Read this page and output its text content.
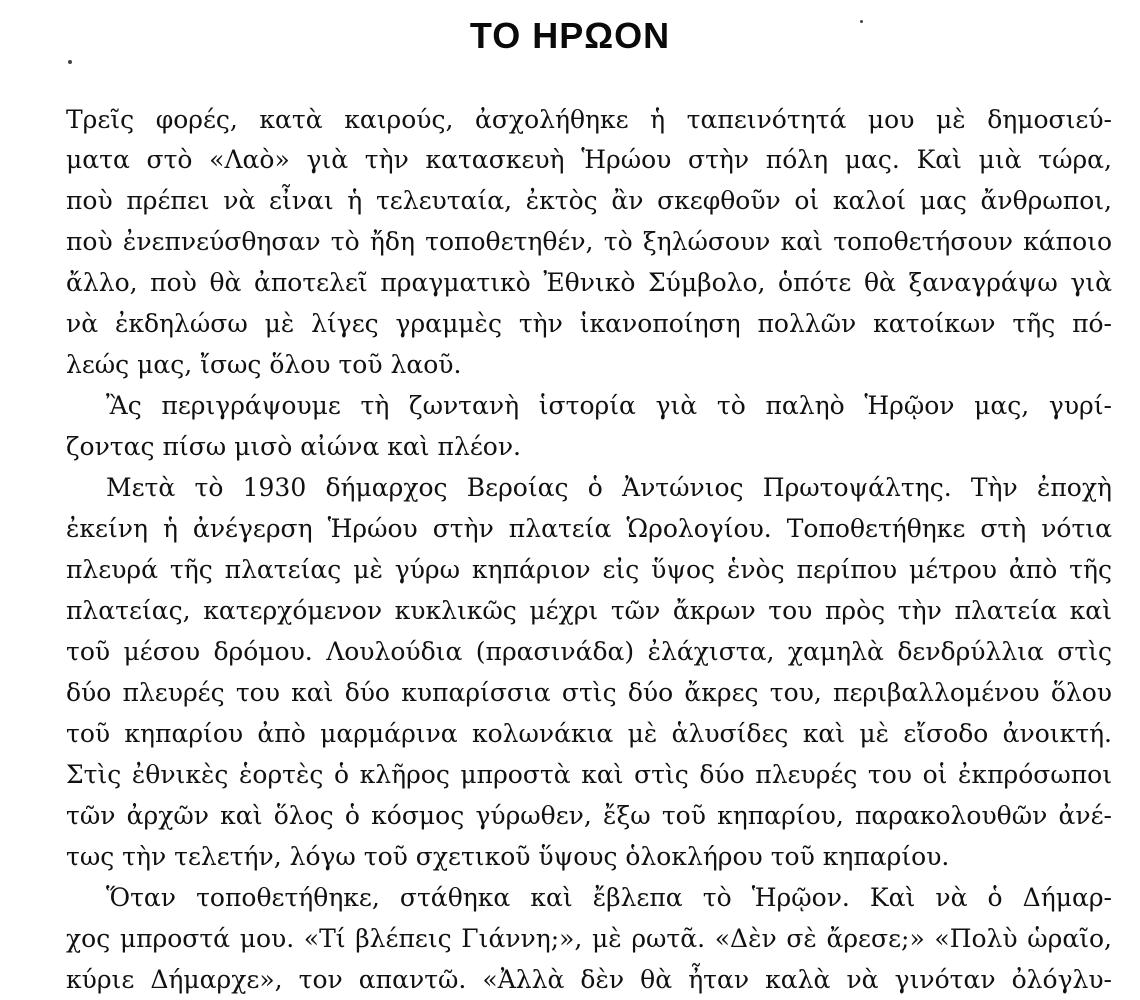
ΤΟ ΗΡΩΟΝ
Τρεῖς φορές, κατὰ καιρούς, ἀσχολήθηκε ἡ ταπεινότητά μου μὲ δημοσιεύ-
ματα στὸ «Λαὸ» γιὰ τὴν κατασκευὴ Ἡρώου στὴν πόλη μας. Καὶ μιὰ τώρα,
ποὺ πρέπει νὰ εἶναι ἡ τελευταία, ἐκτὸς ἂν σκεφθοῦν οἱ καλοί μας ἄνθρωποι,
ποὺ ἐνεπνεύσθησαν τὸ ἤδη τοποθετηθέν, τὸ ξηλώσουν καὶ τοποθετήσουν κάποιο
ἄλλο, ποὺ θὰ ἀποτελεῖ πραγματικὸ Ἐθνικὸ Σύμβολο, ὁπότε θὰ ξαναγράψω γιὰ
νὰ ἐκδηλώσω μὲ λίγες γραμμὲς τὴν ἱκανοποίηση πολλῶν κατοίκων τῆς πό-
λεώς μας, ἴσως ὅλου τοῦ λαοῦ.
Ἂς περιγράψουμε τὴ ζωντανὴ ἱστορία γιὰ τὸ παληὸ Ἡρῷον μας, γυρί-
ζοντας πίσω μισὸ αἰώνα καὶ πλέον.
Μετὰ τὸ 1930 δήμαρχος Βεροίας ὁ Ἀντώνιος Πρωτοψάλτης. Τὴν ἐποχὴ
ἐκείνη ἡ ἀνέγερση Ἡρώου στὴν πλατεία Ὡρολογίου. Τοποθετήθηκε στὴ νότια
πλευρά τῆς πλατείας μὲ γύρω κηπάριον εἰς ὕψος ἑνὸς περίπου μέτρου ἀπὸ τῆς
πλατείας, κατερχόμενον κυκλικῶς μέχρι τῶν ἄκρων του πρὸς τὴν πλατεία καὶ
τοῦ μέσου δρόμου. Λουλούδια (πρασινάδα) ἐλάχιστα, χαμηλὰ δενδρύλλια στὶς
δύο πλευρές του καὶ δύο κυπαρίσσια στὶς δύο ἄκρες του, περιβαλλομένου ὅλου
τοῦ κηπαρίου ἀπὸ μαρμάρινα κολωνάκια μὲ ἁλυσίδες καὶ μὲ εἴσοδο ἀνοικτή.
Στὶς ἐθνικὲς ἑορτὲς ὁ κλῆρος μπροστὰ καὶ στὶς δύο πλευρές του οἱ ἐκπρόσωποι
τῶν ἀρχῶν καὶ ὅλος ὁ κόσμος γύρωθεν, ἔξω τοῦ κηπαρίου, παρακολουθῶν ἀνέ-
τως τὴν τελετήν, λόγω τοῦ σχετικοῦ ὕψους ὁλοκλήρου τοῦ κηπαρίου.
Ὅταν τοποθετήθηκε, στάθηκα καὶ ἔβλεπα τὸ Ἡρῷον. Καὶ νὰ ὁ Δήμαρ-
χος μπροστά μου. «Τί βλέπεις Γιάννη;», μὲ ρωτᾶ. «Δὲν σὲ ἄρεσε;» «Πολὺ ὡραῖο,
κύριε Δήμαρχε», τον απαντῶ. «Ἀλλὰ δὲν θὰ ἦταν καλὰ νὰ γινόταν ὀλόγλυ-
